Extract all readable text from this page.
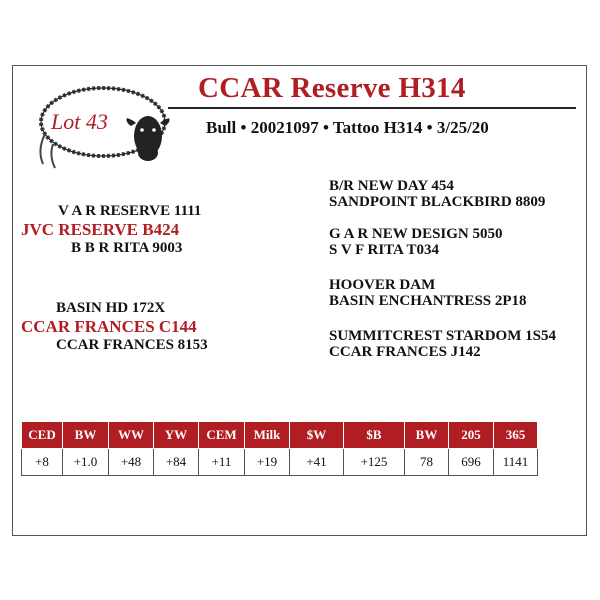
Lot 43
CCAR Reserve H314
Bull • 20021097 • Tattoo H314 • 3/25/20
V A R RESERVE 1111
JVC RESERVE B424
B B R RITA 9003
BASIN HD 172X
CCAR FRANCES C144
CCAR FRANCES 8153
B/R NEW DAY 454
SANDPOINT BLACKBIRD 8809
G A R NEW DESIGN 5050
S V F RITA T034
HOOVER DAM
BASIN ENCHANTRESS 2P18
SUMMITCREST STARDOM 1S54
CCAR FRANCES J142
CED	BW	WW	YW	CEM	Milk	$W	$B	BW	205	365
+8	+1.0	+48	+84	+11	+19	+41	+125	78	696	1141
